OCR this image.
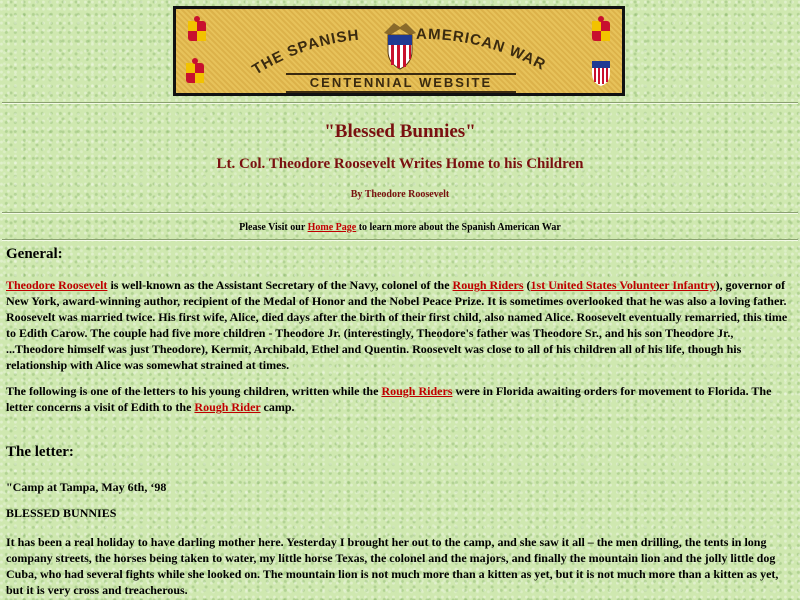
THE SPANISH	AMERICAN WAR
CENTENNIAL WEBSITE
"Blessed Bunnies"
Lt. Col. Theodore Roosevelt Writes Home to his Children
By Theodore Roosevelt
Please Visit our Home Page to learn more about the Spanish American War
General:
Theodore Roosevelt is well-known as the Assistant Secretary of the Navy, colonel of the Rough Riders (1st United States Volunteer Infantry), governor of New York, award-winning author, recipient of the Medal of Honor and the Nobel Peace Prize. It is sometimes overlooked that he was also a loving father. Roosevelt was married twice. His first wife, Alice, died days after the birth of their first child, also named Alice. Roosevelt eventually remarried, this time to Edith Carow. The couple had five more children - Theodore Jr. (interestingly, Theodore's father was Theodore Sr., and his son Theodore Jr., ...Theodore himself was just Theodore), Kermit, Archibald, Ethel and Quentin. Roosevelt was close to all of his children all of his life, though his relationship with Alice was somewhat strained at times.
The following is one of the letters to his young children, written while the Rough Riders were in Florida awaiting orders for movement to Florida. The letter concerns a visit of Edith to the Rough Rider camp.
The letter:
"Camp at Tampa, May 6th, ‘98
BLESSED BUNNIES
It has been a real holiday to have darling mother here. Yesterday I brought her out to the camp, and she saw it all – the men drilling, the tents in long company streets, the horses being taken to water, my little horse Texas, the colonel and the majors, and finally the mountain lion and the jolly little dog Cuba, who had several fights while she looked on. The mountain lion is not much more than a kitten as yet, but it is not much more than a kitten as yet, but it is very cross and treacherous.
